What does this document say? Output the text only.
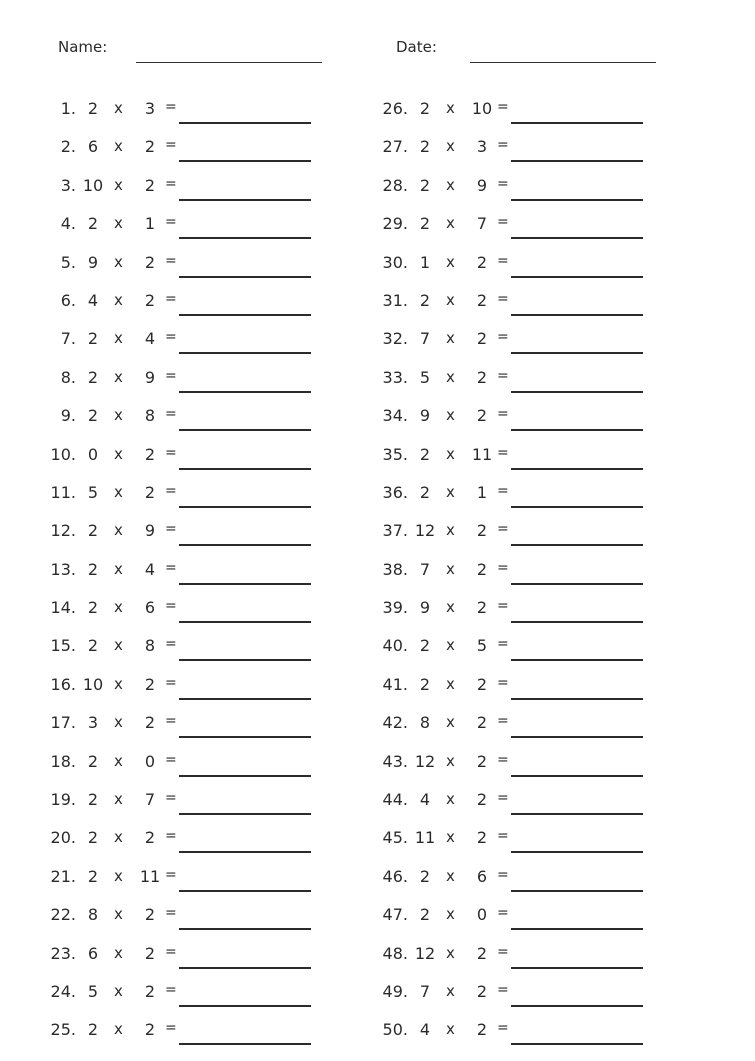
Name:	Date:
1. 2	x	3 =
2. 6	x	2 =
3. 10 x	2 =
4. 2	x	1 =
5. 9	x	2 =
6. 4	x	2 =
7. 2	x	4 =
8. 2	x	9 =
9. 2	x	8 =
10. 0	x	2 =
11. 5	x	2 =
12. 2	x	9 =
13. 2	x	4 =
14. 2	x	6 =
15. 2	x	8 =
16. 10 x	2 =
17. 3	x	2 =
18. 2	x	0 =
19. 2	x	7 =
20. 2	x	2 =
21. 2	x 11 =
22. 8	x	2 =
23. 6	x	2 =
24. 5	x	2 =
25. 2	x	2 =
26. 2	x 10 =
27. 2	x	3 =
28. 2	x	9 =
29. 2	x	7 =
30. 1	x	2 =
31. 2	x	2 =
32. 7	x	2 =
33. 5	x	2 =
34. 9	x	2 =
35. 2	x 11 =
36. 2	x	1 =
37. 12 x	2 =
38. 7	x	2 =
39. 9	x	2 =
40. 2	x	5 =
41. 2	x	2 =
42. 8	x	2 =
43. 12 x	2 =
44. 4	x	2 =
45. 11 x	2 =
46. 2	x	6 =
47. 2	x	0 =
48. 12 x	2 =
49. 7	x	2 =
50. 4	x	2 =
